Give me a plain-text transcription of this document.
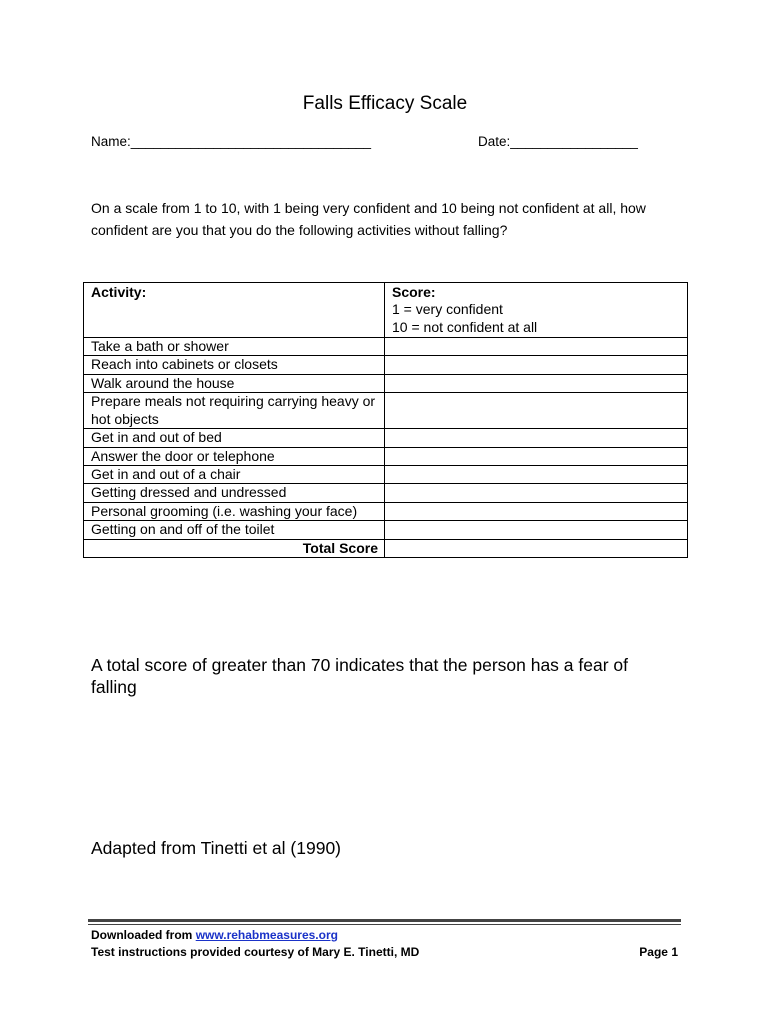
Falls Efficacy Scale
Name:________________________________	Date:_________________
On a scale from 1 to 10, with 1 being very confident and 10 being not confident at all, how confident are you that you do the following activities without falling?
Activity:	Score:
1 = very confident
10 = not confident at all

Take a bath or shower	
Reach into cabinets or closets	
Walk around the house	
Prepare meals not requiring carrying heavy or hot objects	
Get in and out of bed	
Answer the door or telephone	
Get in and out of a chair	
Getting dressed and undressed	
Personal grooming (i.e. washing your face)	
Getting on and off of the toilet	
Total Score	
A total score of greater than 70 indicates that the person has a fear of falling
Adapted from Tinetti et al (1990)
Downloaded from www.rehabmeasures.org
Test instructions provided courtesy of Mary E. Tinetti, MD	Page 1
